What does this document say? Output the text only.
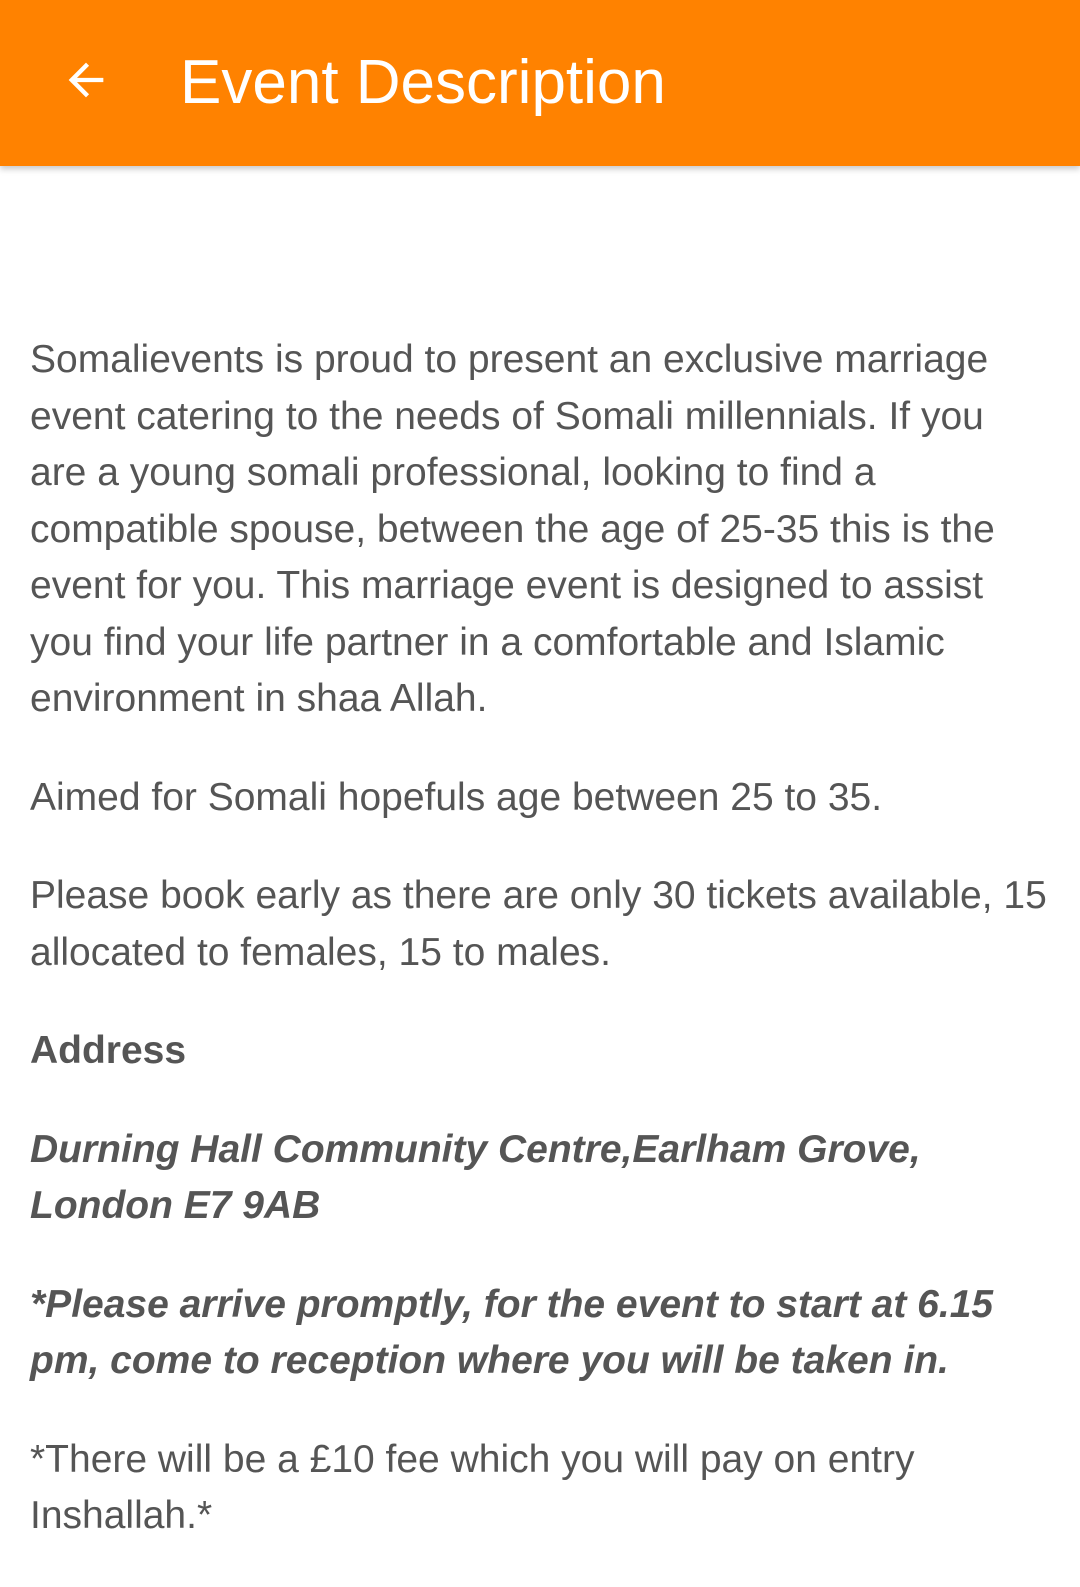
Event Description

Somalievents is proud to present an exclusive marriage event catering to the needs of Somali millennials. If you are a young somali professional, looking to find a compatible spouse, between the age of 25-35 this is the event for you. This marriage event is designed to assist you find your life partner in a comfortable and Islamic environment in shaa Allah.

Aimed for Somali hopefuls age between 25 to 35.

Please book early as there are only 30 tickets available, 15 allocated to females, 15 to males.

Address

Durning Hall Community Centre,Earlham Grove, London E7 9AB

*Please arrive promptly, for the event to start at 6.15 pm, come to reception where you will be taken in.

*There will be a £10 fee which you will pay on entry Inshallah.*
